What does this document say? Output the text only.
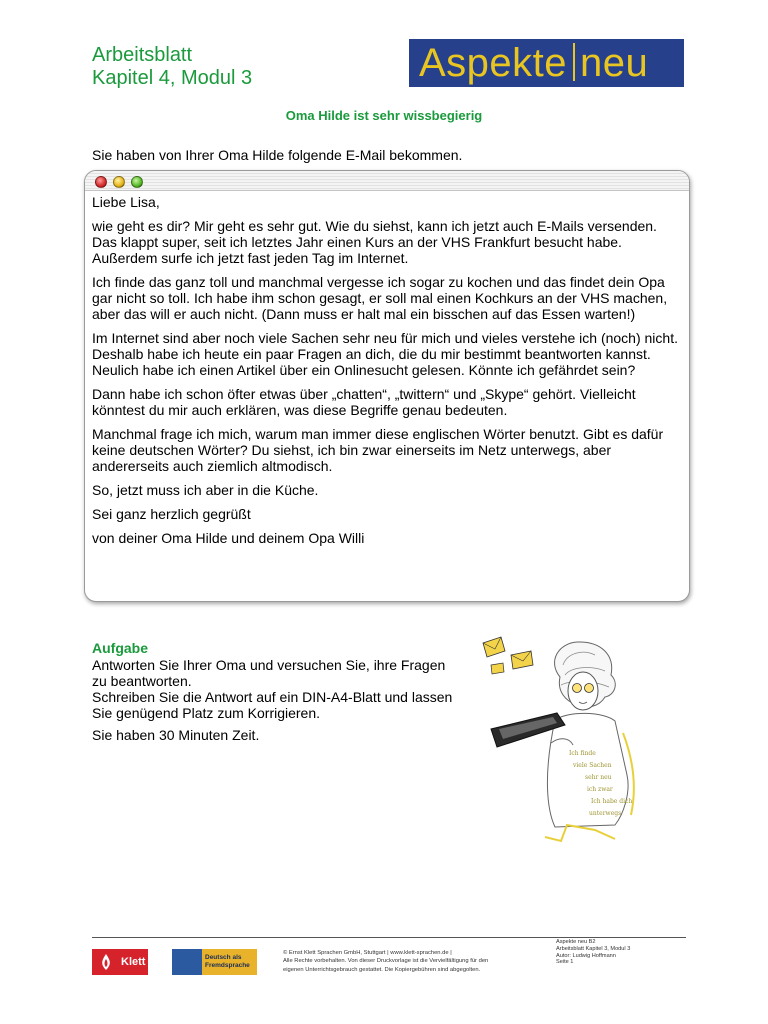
Arbeitsblatt
Kapitel 4, Modul 3	Aspekte neu
Oma Hilde ist sehr wissbegierig
Sie haben von Ihrer Oma Hilde folgende E-Mail bekommen.

Liebe Lisa,

wie geht es dir? Mir geht es sehr gut. Wie du siehst, kann ich jetzt auch E-Mails versenden. Das klappt super, seit ich letztes Jahr einen Kurs an der VHS Frankfurt besucht habe. Außerdem surfe ich jetzt fast jeden Tag im Internet.

Ich finde das ganz toll und manchmal vergesse ich sogar zu kochen und das findet dein Opa gar nicht so toll. Ich habe ihm schon gesagt, er soll mal einen Kochkurs an der VHS machen, aber das will er auch nicht. (Dann muss er halt mal ein bisschen auf das Essen warten!)

Im Internet sind aber noch viele Sachen sehr neu für mich und vieles verstehe ich (noch) nicht. Deshalb habe ich heute ein paar Fragen an dich, die du mir bestimmt beantworten kannst. Neulich habe ich einen Artikel über ein Onlinesucht gelesen. Könnte ich gefährdet sein?

Dann habe ich schon öfter etwas über „chatten“, „twittern“ und „Skype“ gehört. Vielleicht könntest du mir auch erklären, was diese Begriffe genau bedeuten.

Manchmal frage ich mich, warum man immer diese englischen Wörter benutzt. Gibt es dafür keine deutschen Wörter? Du siehst, ich bin zwar einerseits im Netz unterwegs, aber andererseits auch ziemlich altmodisch.

So, jetzt muss ich aber in die Küche.

Sei ganz herzlich gegrüßt

von deiner Oma Hilde und deinem Opa Willi

Aufgabe

Antworten Sie Ihrer Oma und versuchen Sie, ihre Fragen zu beantworten.

Schreiben Sie die Antwort auf ein DIN-A4-Blatt und lassen Sie genügend Platz zum Korrigieren.

Sie haben 30 Minuten Zeit.

Ich finde
viele Sachen
sehr neu
ich zwar
Ich habe dich
unterwegs
Klett	Deutsch als
Fremdsprache
© Ernst Klett Sprachen GmbH, Stuttgart | www.klett-sprachen.de |
Alle Rechte vorbehalten. Von dieser Druckvorlage ist die Vervielfältigung für den
eigenen Unterrichtsgebrauch gestattet. Die Kopiergebühren sind abgegolten.
Aspekte neu B2
Arbeitsblatt Kapitel 3, Modul 3
Autor: Ludwig Hoffmann
Seite 1
